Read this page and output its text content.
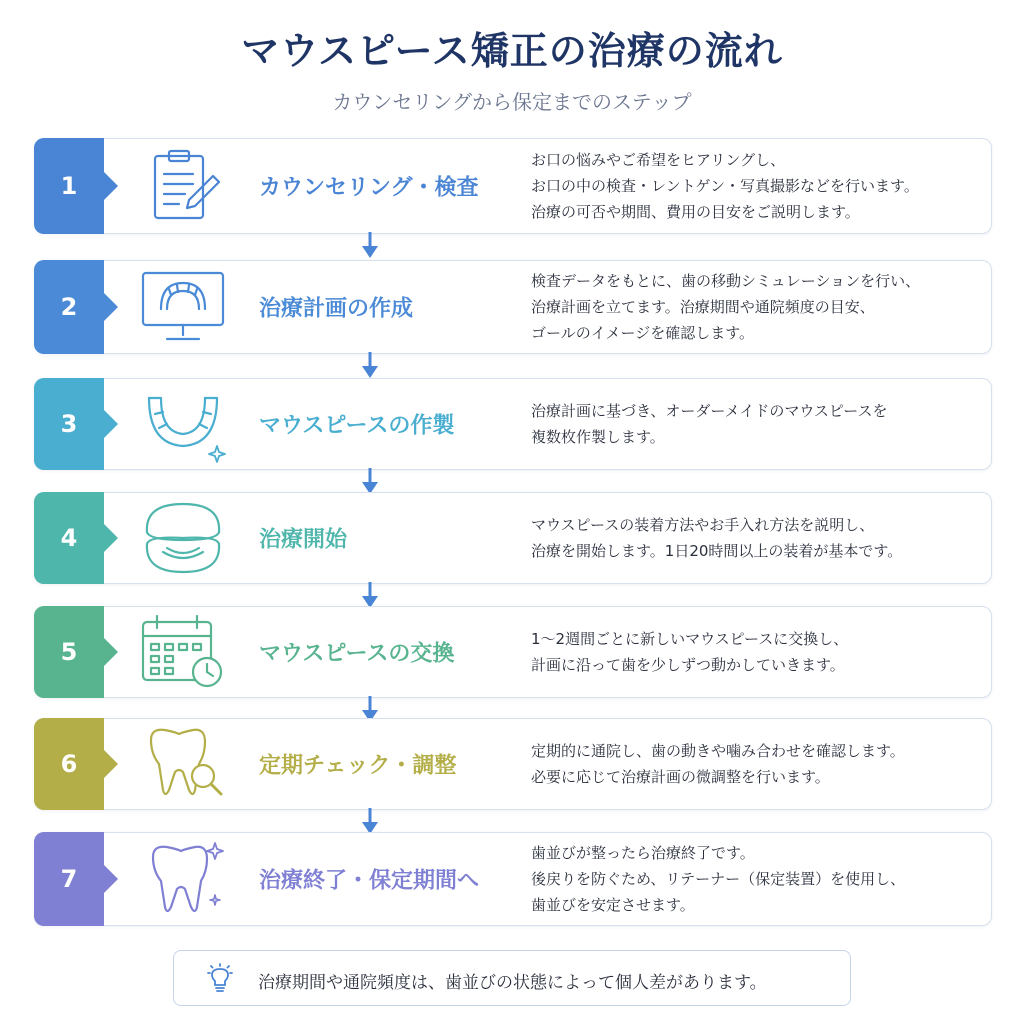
マウスピース矯正の治療の流れ
カウンセリングから保定までのステップ
1	カウンセリング・検査
お口の悩みやご希望をヒアリングし、
お口の中の検査・レントゲン・写真撮影などを行います。
治療の可否や期間、費用の目安をご説明します。
2	治療計画の作成
検査データをもとに、歯の移動シミュレーションを行い、
治療計画を立てます。治療期間や通院頻度の目安、
ゴールのイメージを確認します。
3	マウスピースの作製
治療計画に基づき、オーダーメイドのマウスピースを
複数枚作製します。
4	治療開始
マウスピースの装着方法やお手入れ方法を説明し、
治療を開始します。1日20時間以上の装着が基本です。
5	マウスピースの交換
1〜2週間ごとに新しいマウスピースに交換し、
計画に沿って歯を少しずつ動かしていきます。
6	定期チェック・調整
定期的に通院し、歯の動きや噛み合わせを確認します。
必要に応じて治療計画の微調整を行います。
7	治療終了・保定期間へ
歯並びが整ったら治療終了です。
後戻りを防ぐため、リテーナー（保定装置）を使用し、
歯並びを安定させます。
治療期間や通院頻度は、歯並びの状態によって個人差があります。
